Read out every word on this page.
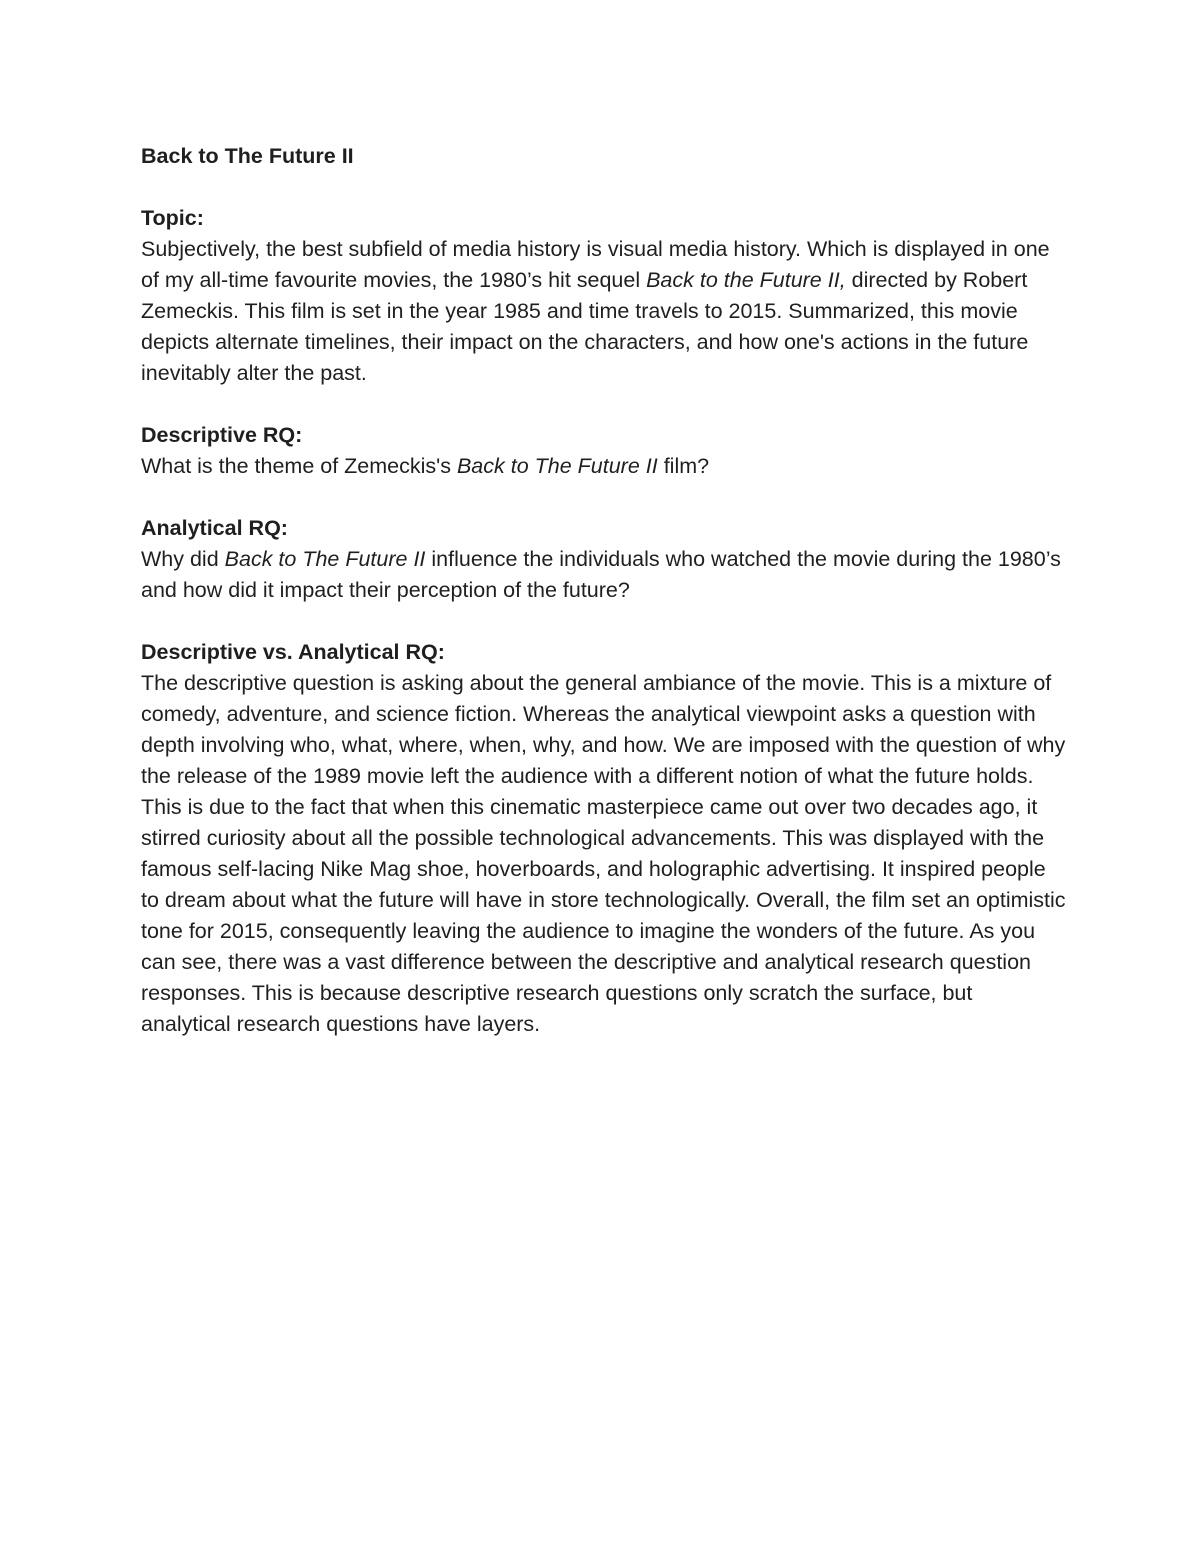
Back to The Future II

Topic:

Subjectively, the best subfield of media history is visual media history. Which is displayed in one of my all-time favourite movies, the 1980’s hit sequel Back to the Future II, directed by Robert Zemeckis. This film is set in the year 1985 and time travels to 2015. Summarized, this movie depicts alternate timelines, their impact on the characters, and how one's actions in the future inevitably alter the past.

Descriptive RQ:

What is the theme of Zemeckis's Back to The Future II film?

Analytical RQ:

Why did Back to The Future II influence the individuals who watched the movie during the 1980’s and how did it impact their perception of the future?

Descriptive vs. Analytical RQ:

The descriptive question is asking about the general ambiance of the movie. This is a mixture of comedy, adventure, and science fiction. Whereas the analytical viewpoint asks a question with depth involving who, what, where, when, why, and how. We are imposed with the question of why the release of the 1989 movie left the audience with a different notion of what the future holds. This is due to the fact that when this cinematic masterpiece came out over two decades ago, it stirred curiosity about all the possible technological advancements. This was displayed with the famous self-lacing Nike Mag shoe, hoverboards, and holographic advertising. It inspired people to dream about what the future will have in store technologically. Overall, the film set an optimistic tone for 2015, consequently leaving the audience to imagine the wonders of the future. As you can see, there was a vast difference between the descriptive and analytical research question responses. This is because descriptive research questions only scratch the surface, but analytical research questions have layers.
